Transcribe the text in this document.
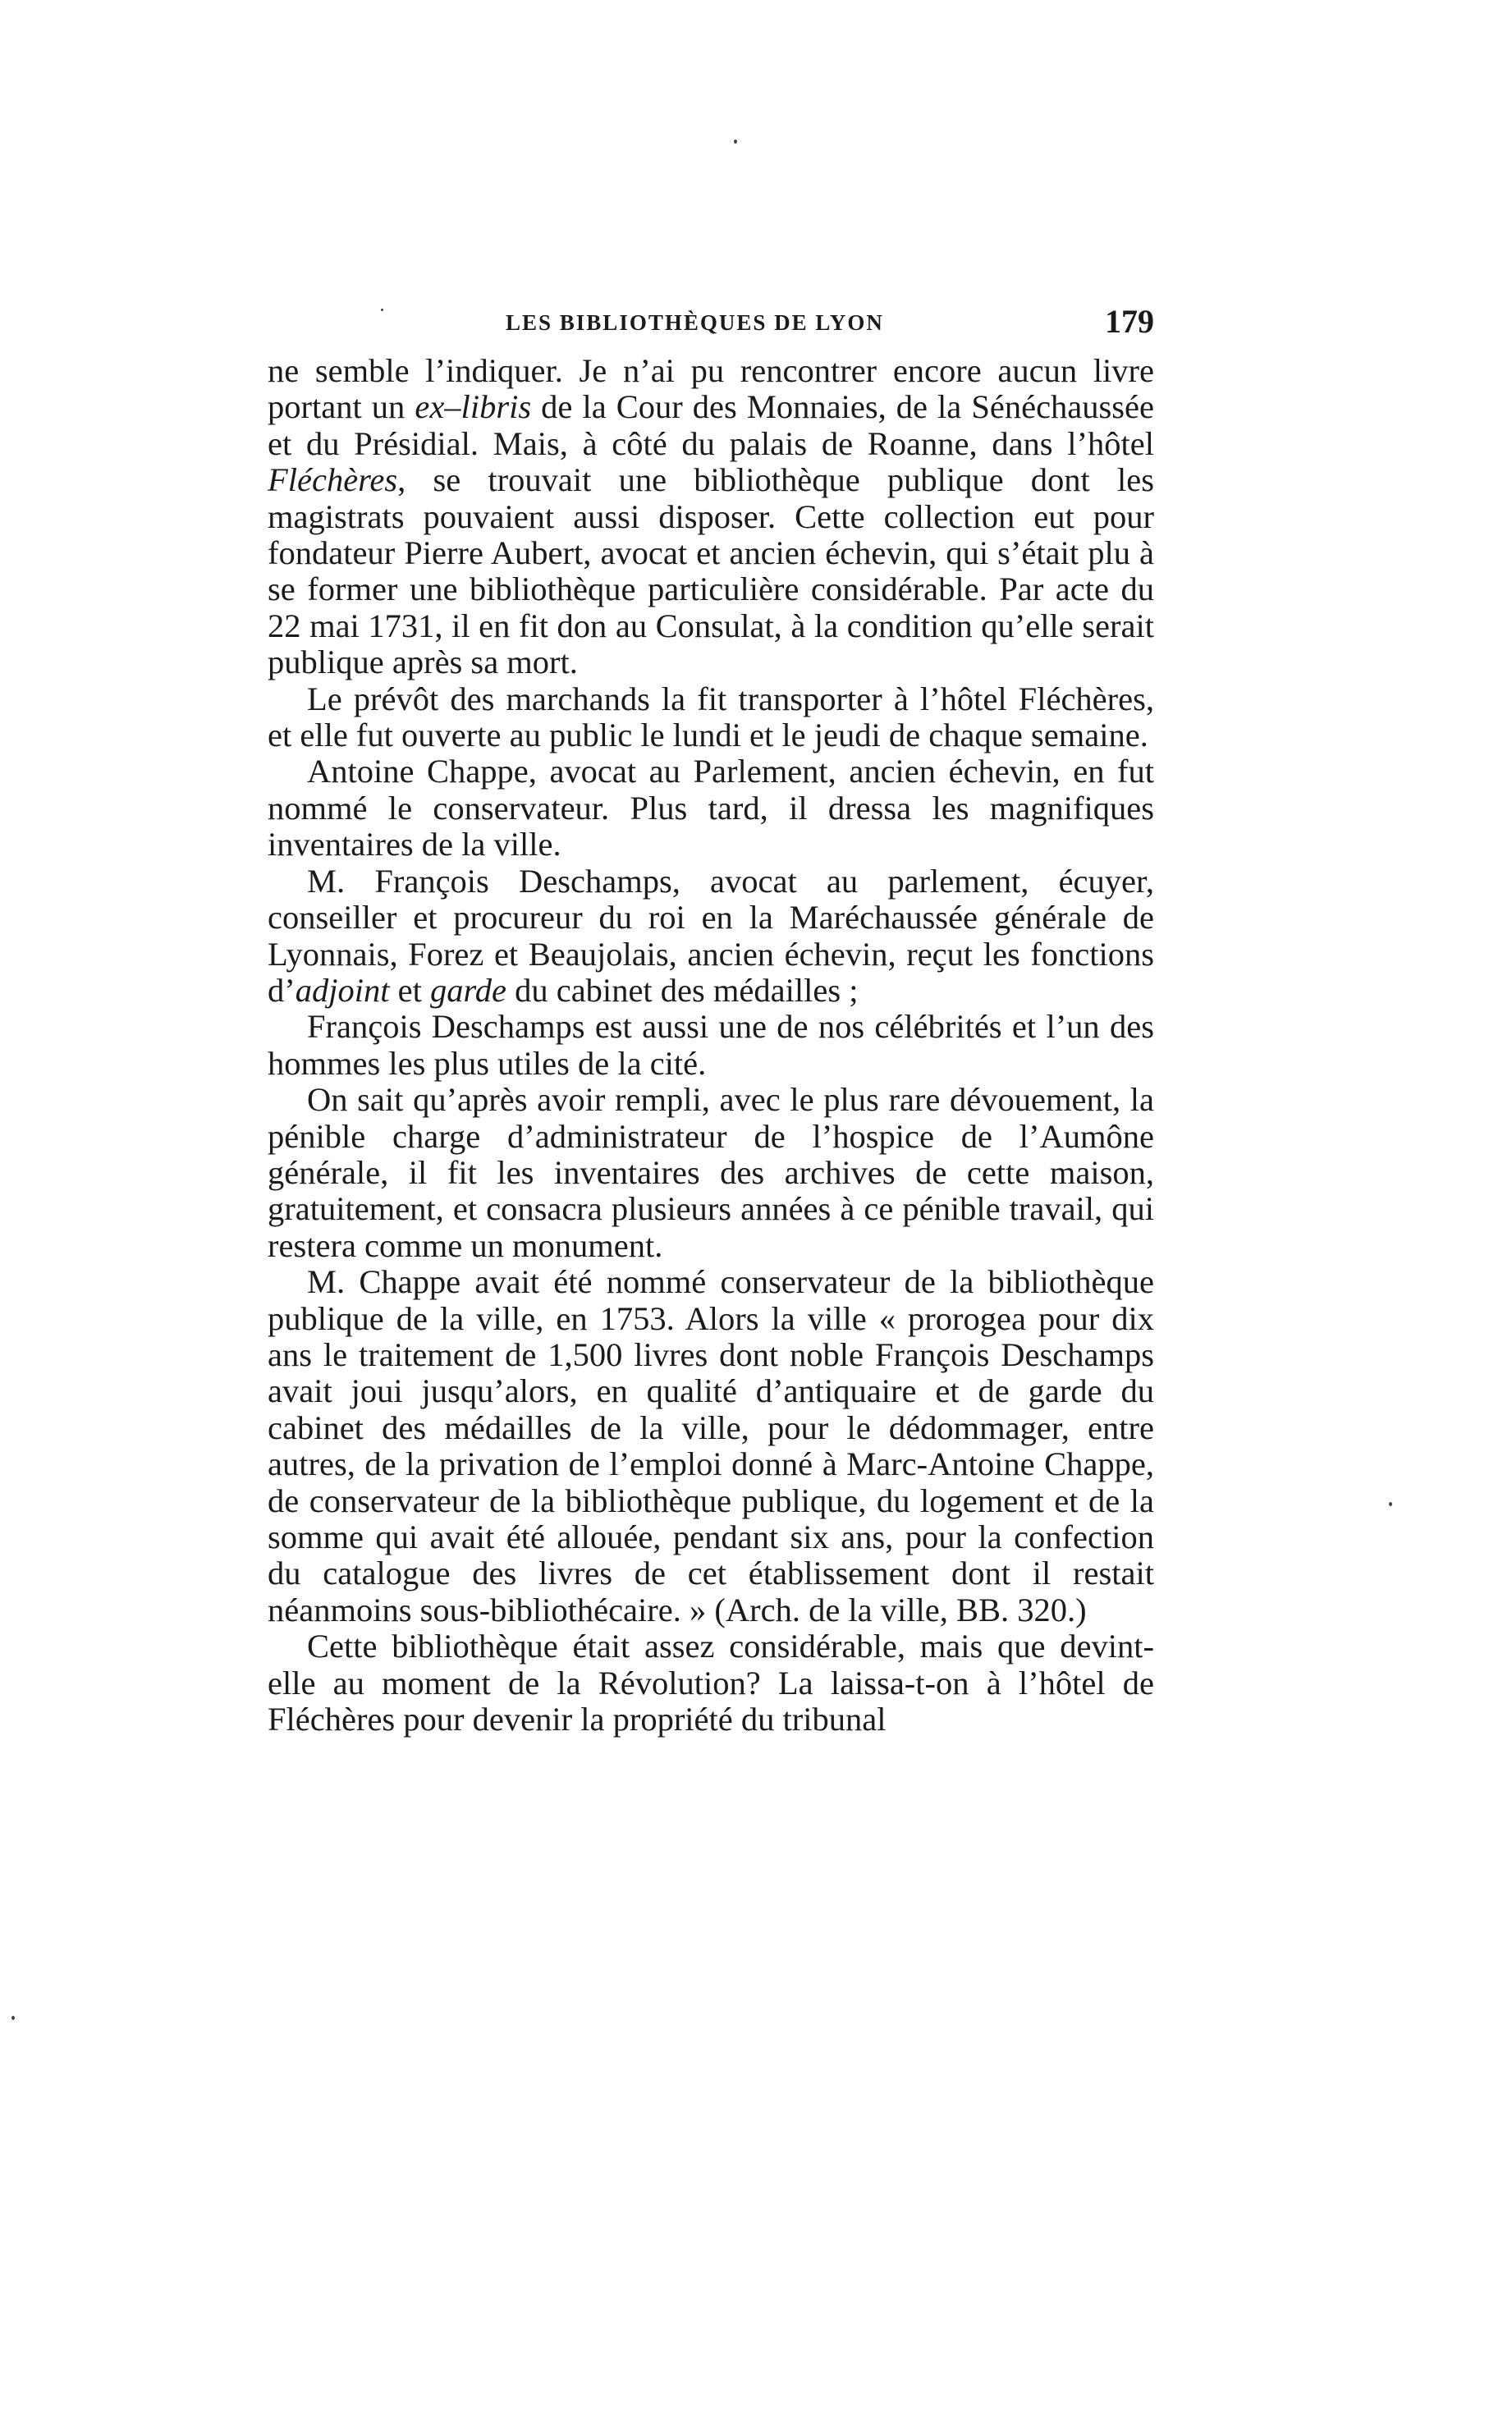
LES BIBLIOTHÈQUES DE LYON	179

ne semble l’indiquer. Je n’ai pu rencontrer encore aucun livre portant un ex–libris de la Cour des Monnaies, de la Sénéchaussée et du Présidial. Mais, à côté du palais de Roanne, dans l’hôtel Fléchères, se trouvait une bibliothèque publique dont les magistrats pouvaient aussi disposer. Cette collection eut pour fondateur Pierre Aubert, avocat et ancien échevin, qui s’était plu à se former une bibliothèque particulière considérable. Par acte du 22 mai 1731, il en fit don au Consulat, à la condition qu’elle serait publique après sa mort.

Le prévôt des marchands la fit transporter à l’hôtel Fléchères, et elle fut ouverte au public le lundi et le jeudi de chaque semaine.

Antoine Chappe, avocat au Parlement, ancien échevin, en fut nommé le conservateur. Plus tard, il dressa les magnifiques inventaires de la ville.

M. François Deschamps, avocat au parlement, écuyer, conseiller et procureur du roi en la Maréchaussée générale de Lyonnais, Forez et Beaujolais, ancien échevin, reçut les fonctions d’adjoint et garde du cabinet des médailles ;

François Deschamps est aussi une de nos célébrités et l’un des hommes les plus utiles de la cité.

On sait qu’après avoir rempli, avec le plus rare dévouement, la pénible charge d’administrateur de l’hospice de l’Aumône générale, il fit les inventaires des archives de cette maison, gratuitement, et consacra plusieurs années à ce pénible travail, qui restera comme un monument.

M. Chappe avait été nommé conservateur de la bibliothèque publique de la ville, en 1753. Alors la ville « prorogea pour dix ans le traitement de 1,500 livres dont noble François Deschamps avait joui jusqu’alors, en qualité d’antiquaire et de garde du cabinet des médailles de la ville, pour le dédommager, entre autres, de la privation de l’emploi donné à Marc-Antoine Chappe, de conservateur de la bibliothèque publique, du logement et de la somme qui avait été allouée, pendant six ans, pour la confection du catalogue des livres de cet établissement dont il restait néanmoins sous-bibliothécaire. » (Arch. de la ville, BB. 320.)

Cette bibliothèque était assez considérable, mais que devint-elle au moment de la Révolution? La laissa-t-on à l’hôtel de Fléchères pour devenir la propriété du tribunal
